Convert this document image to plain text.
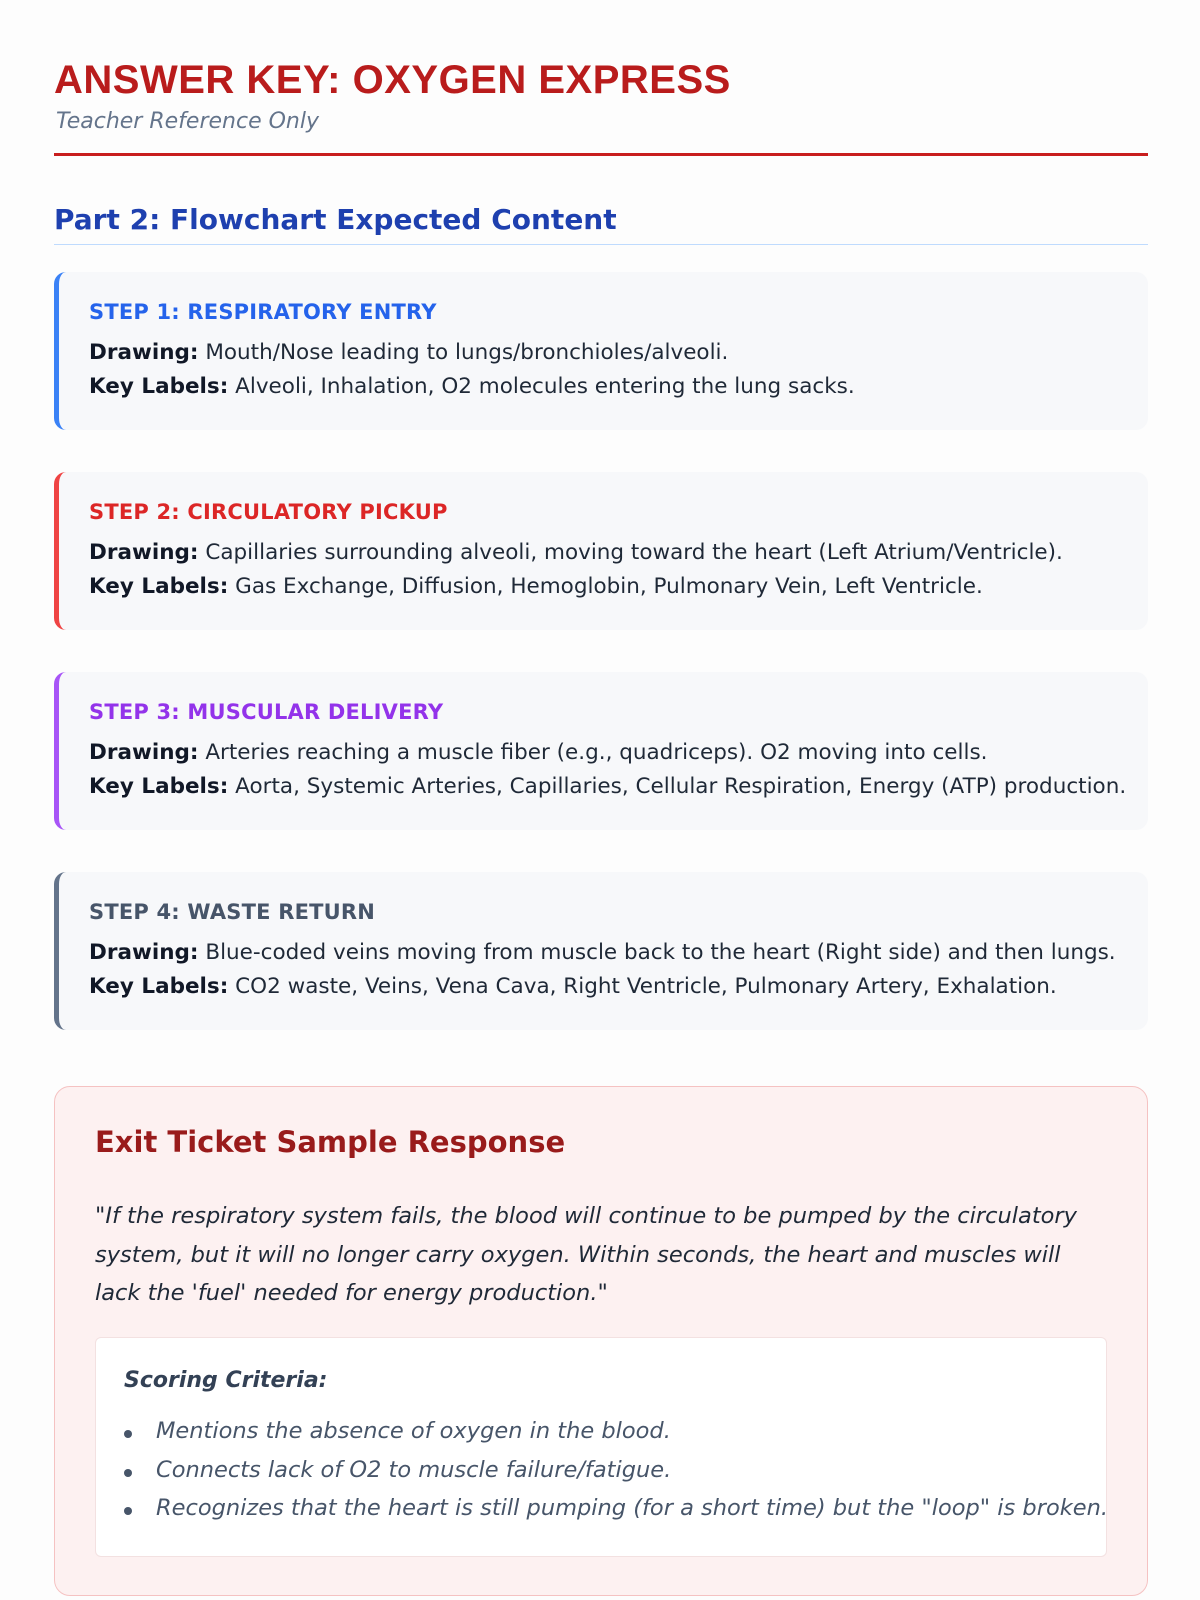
ANSWER KEY: OXYGEN EXPRESS
Teacher Reference Only
Part 2: Flowchart Expected Content
STEP 1: RESPIRATORY ENTRY
Drawing: Mouth/Nose leading to lungs/bronchioles/alveoli.
Key Labels: Alveoli, Inhalation, O2 molecules entering the lung sacks.
STEP 2: CIRCULATORY PICKUP
Drawing: Capillaries surrounding alveoli, moving toward the heart (Left Atrium/Ventricle).
Key Labels: Gas Exchange, Diffusion, Hemoglobin, Pulmonary Vein, Left Ventricle.
STEP 3: MUSCULAR DELIVERY
Drawing: Arteries reaching a muscle fiber (e.g., quadriceps). O2 moving into cells.
Key Labels: Aorta, Systemic Arteries, Capillaries, Cellular Respiration, Energy (ATP) production.
STEP 4: WASTE RETURN
Drawing: Blue-coded veins moving from muscle back to the heart (Right side) and then lungs.
Key Labels: CO2 waste, Veins, Vena Cava, Right Ventricle, Pulmonary Artery, Exhalation.
Exit Ticket Sample Response

"If the respiratory system fails, the blood will continue to be pumped by the circulatory system, but it will no longer carry oxygen. Within seconds, the heart and muscles will lack the 'fuel' needed for energy production."

Scoring Criteria:
Mentions the absence of oxygen in the blood.
Connects lack of O2 to muscle failure/fatigue.
Recognizes that the heart is still pumping (for a short time) but the "loop" is broken.
